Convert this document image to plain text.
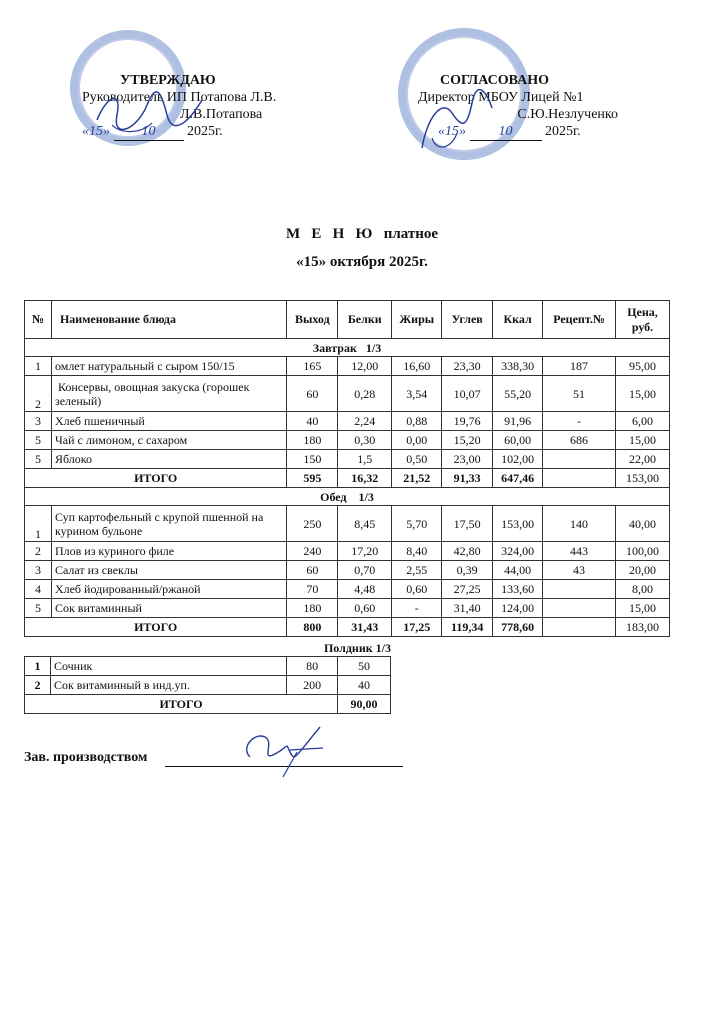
УТВЕРЖДАЮ
Руководитель ИП Потапова Л.В.
Л.В.Потапова
«15» 10 2025г.
СОГЛАСОВАНО
Директор МБОУ Лицей №1
С.Ю.Незлученко
«15» 10 2025г.
М   Е   Н   Ю   платное
«15» октября 2025г.
№	Наименование блюда	Выход	Белки	Жиры	Углев	Ккал	Рецепт.№	Цена, руб.
Завтрак   1/3								
1	омлет натуральный с сыром 150/15	165	12,00	16,60	23,30	338,30	187	95,00
2	Консервы, овощная закуска (горошек зеленый)	60	0,28	3,54	10,07	55,20	51	15,00
3	Хлеб пшеничный	40	2,24	0,88	19,76	91,96	-	6,00
5	Чай с лимоном, с сахаром	180	0,30	0,00	15,20	60,00	686	15,00
5	Яблоко	150	1,5	0,50	23,00	102,00		22,00
ИТОГО		595	16,32	21,52	91,33	647,46		153,00
Обед    1/3								
1	Суп картофельный с крупой пшенной на курином бульоне	250	8,45	5,70	17,50	153,00	140	40,00
2	Плов из куриного филе	240	17,20	8,40	42,80	324,00	443	100,00
3	Салат из свеклы	60	0,70	2,55	0,39	44,00	43	20,00
4	Хлеб йодированный/ржаной	70	4,48	0,60	27,25	133,60		8,00
5	Сок витаминный	180	0,60	-	31,40	124,00		15,00
ИТОГО		800	31,43	17,25	119,34	778,60		183,00
Полдник 1/3
1	Сочник	80	50
2	Сок витаминный в инд.уп.	200	40
ИТОГО			90,00
Зав. производством
